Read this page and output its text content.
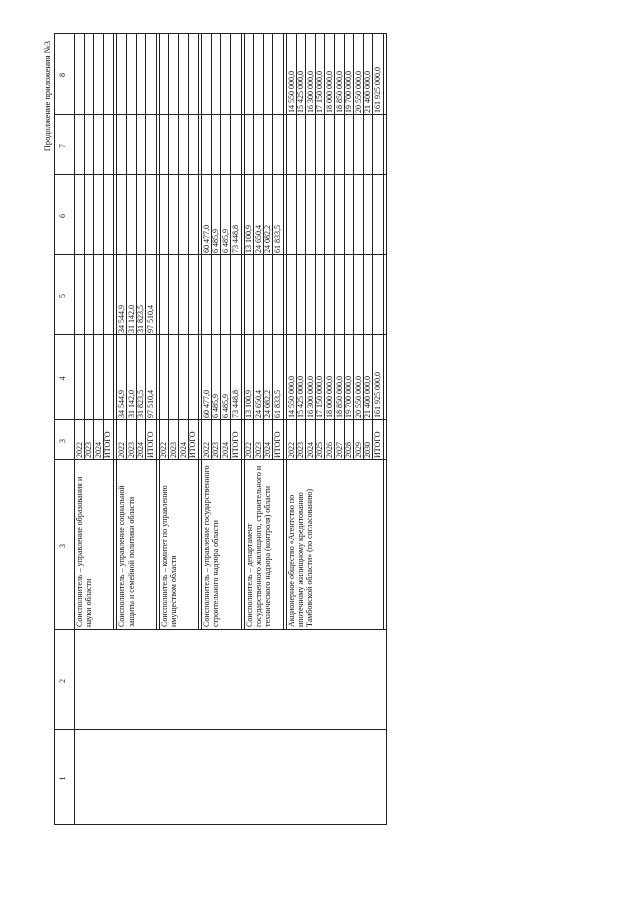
Продолжение приложения №3
1
2
3
3
4
5
6
7
8
Соисполнитель – управление образования и науки области
2022 2023 2024 ИТОГО
Соисполнитель – управление социальной защиты и семейной политики области
2022
34 544,9
34 544,9
2023
31 142,0
31 142,0
2024
31 823,5
31 823,5
ИТОГО
97 510,4
97 510,4
Соисполнитель – комитет по управлению имуществом области
2022 2023 2024 ИТОГО
Соисполнитель – управление государственного строительного надзора области
2022
60 477,0
60 477,0
2023
6 485,9
6 485,9
2024
6 485,9
6 485,9
ИТОГО
73 448,8
73 448,8
Соисполнитель – департамент государственного жилищного, строительного и технического надзора (контроля) области
2022
13 100,9
13 100,9
2023
24 650,4
24 650,4
2024
24 082,2
24 082,2
ИТОГО
61 833,5
61 833,5
Акционерное общество «Агентство по ипотечному жилищному кредитованию Тамбовской области» (по согласованию)
2022
14 550 000,0
14 550 000,0
2023
15 425 000,0
15 425 000,0
2024
16 300 000,0
16 300 000,0
2025
17 150 000,0
17 150 000,0
2026
18 000 000,0
18 000 000,0
2027
18 850 000,0
18 850 000,0
2028
19 700 000,0
19 700 000,0
2029
20 550 000,0
20 550 000,0
2030
21 400 000,0
21 400 000,0
ИТОГО
161 925 000,0
161 925 000,0
